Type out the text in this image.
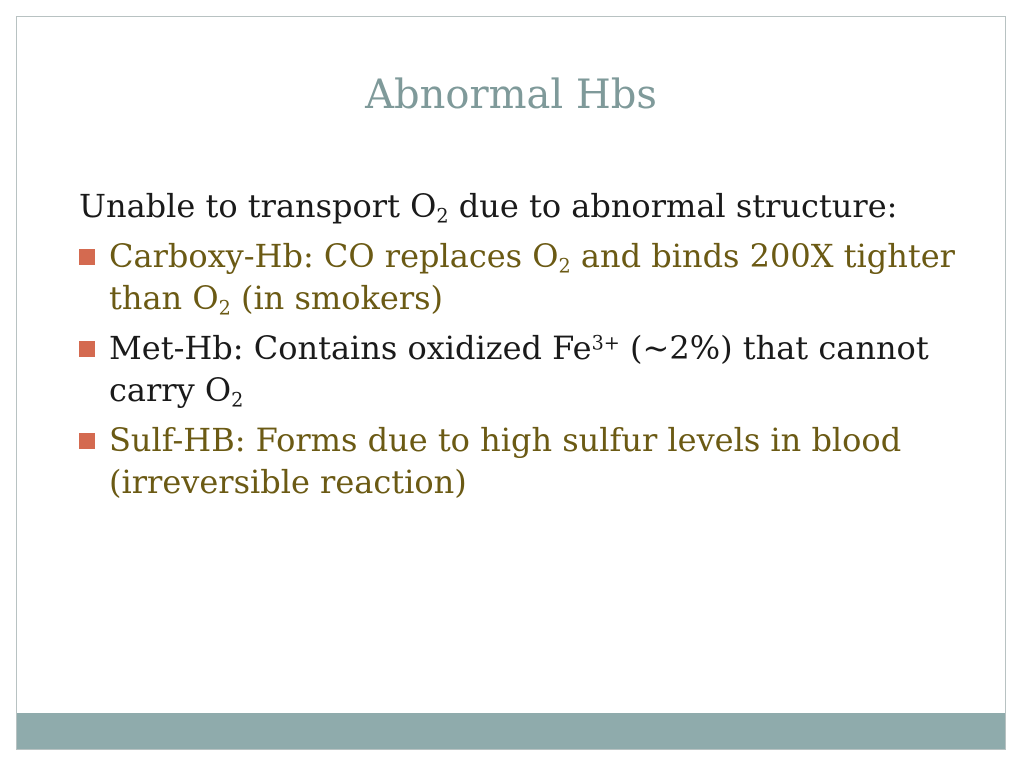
Abnormal Hbs

Unable to transport $O_2$ due to abnormal structure:

Carboxy-Hb: CO replaces $O_2$ and binds 200X tighter than $O_2$ (in smokers)
Met-Hb: Contains oxidized $Fe^{3+}$ (~2%) that cannot carry $O_2$
Sulf-HB: Forms due to high sulfur levels in blood (irreversible reaction)
